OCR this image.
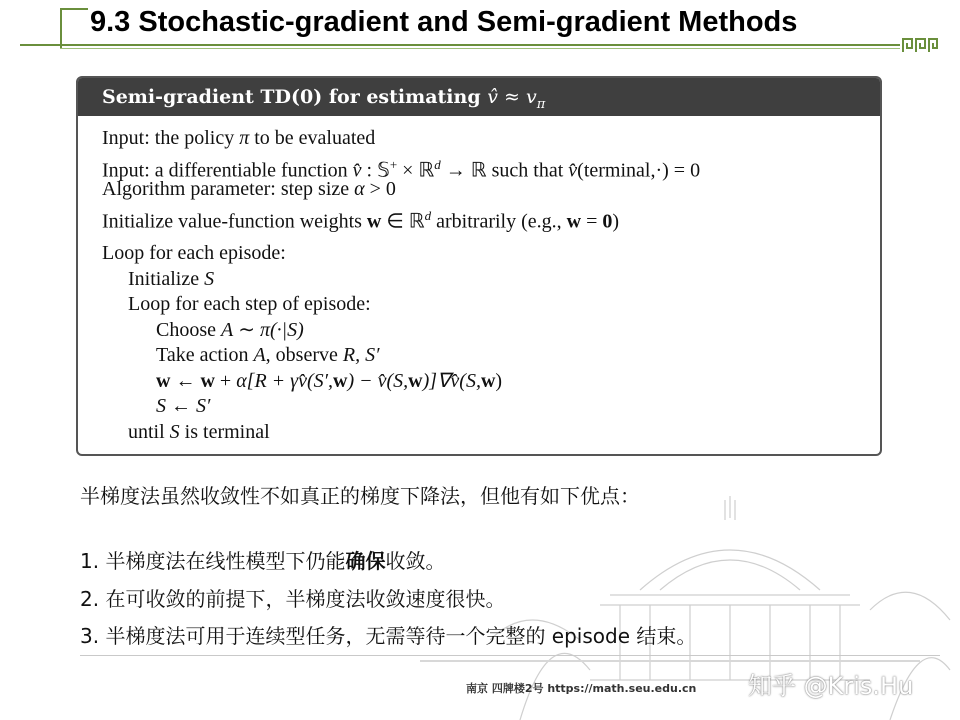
9.3 Stochastic-gradient and Semi-gradient Methods
Semi-gradient TD(0) for estimating v̂ ≈ $v_\pi$
Input: the policy π to be evaluated
Input: a differentiable function v̂ : 𝕊+ × ℝ$^d$ → ℝ such that v̂(terminal,·) = 0
Algorithm parameter: step size α > 0
Initialize value-function weights w ∈ ℝ$^d$ arbitrarily (e.g., w = 0)
Loop for each episode:
Initialize S
Loop for each step of episode:
Choose A ∼ π(·|S)
Take action A, observe R, S′
w ← w + α[R + γv̂(S′,w) − v̂(S,w)]∇v̂(S,w)
S ← S′
until S is terminal
半梯度法虽然收敛性不如真正的梯度下降法，但他有如下优点：
1. 半梯度法在线性模型下仍能确保收敛。
2. 在可收敛的前提下，半梯度法收敛速度很快。
3. 半梯度法可用于连续型任务，无需等待一个完整的 episode 结束。
南京 四牌楼2号 https://math.seu.edu.cn 知乎 @Kris.Hu
